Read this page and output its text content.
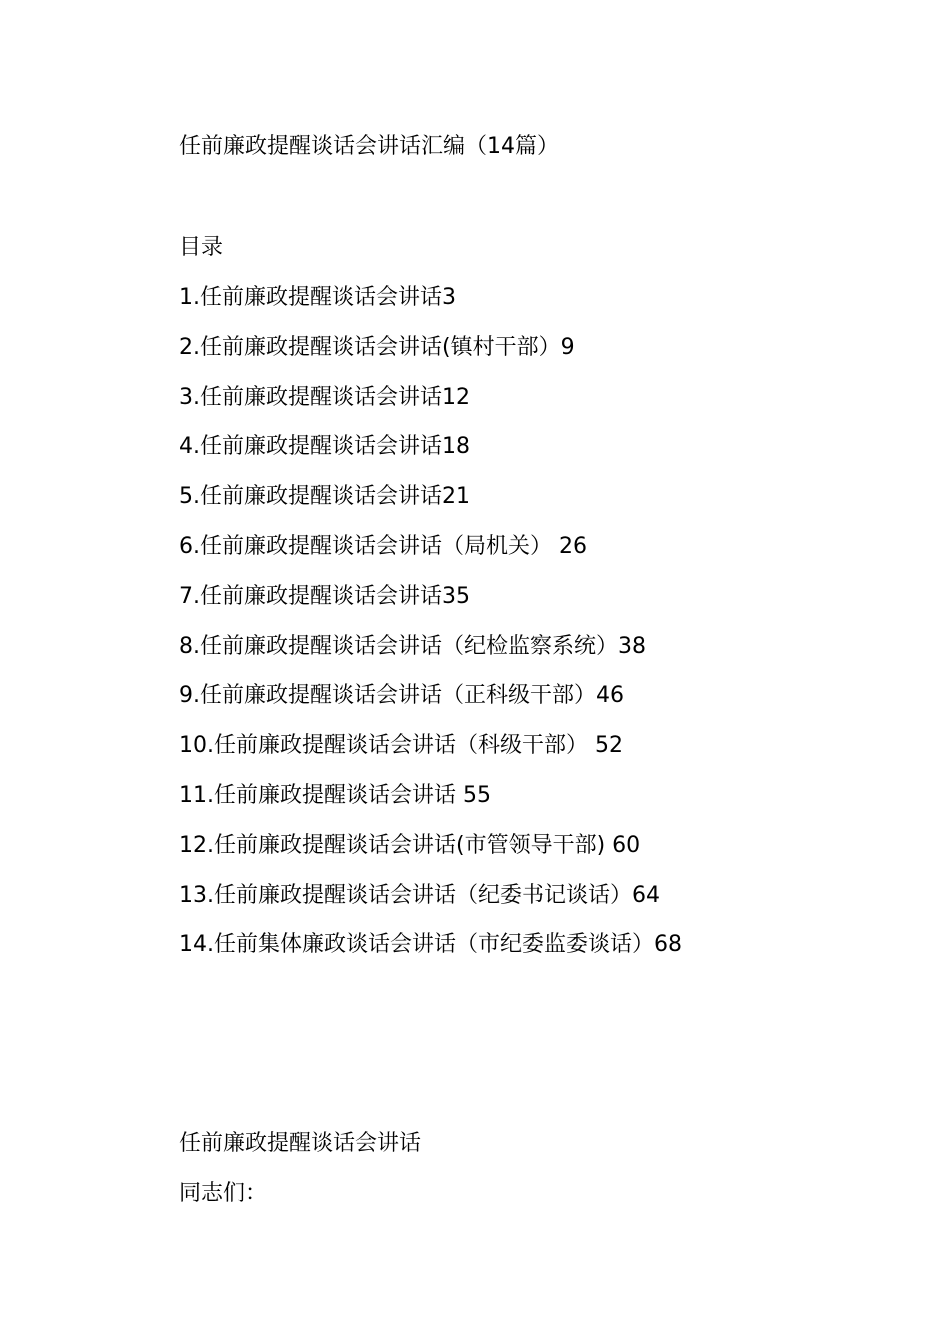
任前廉政提醒谈话会讲话汇编（14篇）
目录
1.任前廉政提醒谈话会讲话3
2.任前廉政提醒谈话会讲话(镇村干部）9
3.任前廉政提醒谈话会讲话12
4.任前廉政提醒谈话会讲话18
5.任前廉政提醒谈话会讲话21
6.任前廉政提醒谈话会讲话（局机关） 26
7.任前廉政提醒谈话会讲话35
8.任前廉政提醒谈话会讲话（纪检监察系统）38
9.任前廉政提醒谈话会讲话（正科级干部）46
10.任前廉政提醒谈话会讲话（科级干部） 52
11.任前廉政提醒谈话会讲话 55
12.任前廉政提醒谈话会讲话(市管领导干部) 60
13.任前廉政提醒谈话会讲话（纪委书记谈话）64
14.任前集体廉政谈话会讲话（市纪委监委谈话）68
任前廉政提醒谈话会讲话
同志们：
